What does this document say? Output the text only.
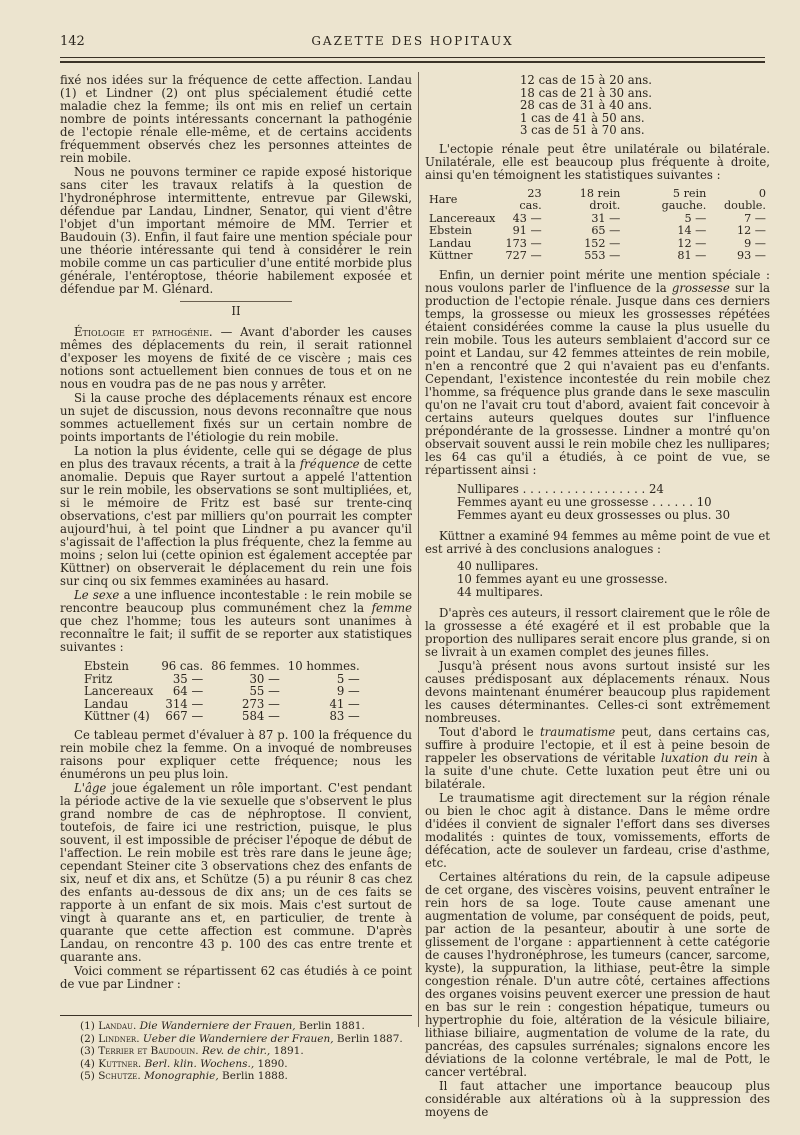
142	GAZETTE DES HOPITAUX

fixé nos idées sur la fréquence de cette affection. Landau (1) et Lindner (2) ont plus spécialement étudié cette maladie chez la femme; ils ont mis en relief un certain nombre de points intéressants concernant la pathogénie de l'ectopie rénale elle-même, et de certains accidents fréquemment observés chez les personnes atteintes de rein mobile.

Nous ne pouvons terminer ce rapide exposé historique sans citer les travaux relatifs à la question de l'hydronéphrose intermittente, entrevue par Gilewski, défendue par Landau, Lindner, Senator, qui vient d'être l'objet d'un important mémoire de MM. Terrier et Baudouin (3). Enfin, il faut faire une mention spéciale pour une théorie intéressante qui tend à considérer le rein mobile comme un cas particulier d'une entité morbide plus générale, l'entéroptose, théorie habilement exposée et défendue par M. Glénard.

II

Étiologie et pathogénie. — Avant d'aborder les causes mêmes des déplacements du rein, il serait rationnel d'exposer les moyens de fixité de ce viscère ; mais ces notions sont actuellement bien connues de tous et on ne nous en voudra pas de ne pas nous y arrêter.

Si la cause proche des déplacements rénaux est encore un sujet de discussion, nous devons reconnaître que nous sommes actuellement fixés sur un certain nombre de points importants de l'étiologie du rein mobile.

La notion la plus évidente, celle qui se dégage de plus en plus des travaux récents, a trait à la fréquence de cette anomalie. Depuis que Rayer surtout a appelé l'attention sur le rein mobile, les observations se sont multipliées, et, si le mémoire de Fritz est basé sur trente-cinq observations, c'est par milliers qu'on pourrait les compter aujourd'hui, à tel point que Lindner a pu avancer qu'il s'agissait de l'affection la plus fréquente, chez la femme au moins ; selon lui (cette opinion est également acceptée par Küttner) on observerait le déplacement du rein une fois sur cinq ou six femmes examinées au hasard.

Le sexe a une influence incontestable : le rein mobile se rencontre beaucoup plus communément chez la femme que chez l'homme; tous les auteurs sont unanimes à reconnaître le fait; il suffit de se reporter aux statistiques suivantes :

Ebstein	96 cas.	86 femmes.	10 hommes.
Fritz	35 —	30 —	5 —
Lancereaux	64 —	55 —	9 —
Landau	314 —	273 —	41 —
Küttner (4)	667 —	584 —	83 —

Ce tableau permet d'évaluer à 87 p. 100 la fréquence du rein mobile chez la femme. On a invoqué de nombreuses raisons pour expliquer cette fréquence; nous les énumérons un peu plus loin.

L'âge joue également un rôle important. C'est pendant la période active de la vie sexuelle que s'observent le plus grand nombre de cas de néphroptose. Il convient, toutefois, de faire ici une restriction, puisque, le plus souvent, il est impossible de préciser l'époque de début de l'affection. Le rein mobile est très rare dans le jeune âge; cependant Steiner cite 3 observations chez des enfants de six, neuf et dix ans, et Schütze (5) a pu réunir 8 cas chez des enfants au-dessous de dix ans; un de ces faits se rapporte à un enfant de six mois. Mais c'est surtout de vingt à quarante ans et, en particulier, de trente à quarante que cette affection est commune. D'après Landau, on rencontre 43 p. 100 des cas entre trente et quarante ans.

Voici comment se répartissent 62 cas étudiés à ce point de vue par Lindner :

(1) Landau. Die Wanderniere der Frauen, Berlin 1881.
(2) Lindner. Ueber die Wanderniere der Frauen, Berlin 1887.
(3) Terrier et Baudouin. Rev. de chir., 1891.
(4) Kuttner. Berl. klin. Wochens., 1890.
(5) Schutze. Monographie, Berlin 1888.
12 cas de 15 à 20 ans.
18 cas de 21 à 30 ans.
28 cas de 31 à 40 ans.
1 cas de 41 à 50 ans.
3 cas de 51 à 70 ans.

L'ectopie rénale peut être unilatérale ou bilatérale. Unilatérale, elle est beaucoup plus fréquente à droite, ainsi qu'en témoignent les statistiques suivantes :

Hare	23 cas.	18 rein droit.	5 rein gauche.	0 double.
Lancereaux	43 —	31 —	5 —	7 —
Ebstein	91 —	65 —	14 —	12 —
Landau	173 —	152 —	12 —	9 —
Küttner	727 —	553 —	81 —	93 —

Enfin, un dernier point mérite une mention spéciale : nous voulons parler de l'influence de la grossesse sur la production de l'ectopie rénale. Jusque dans ces derniers temps, la grossesse ou mieux les grossesses répétées étaient considérées comme la cause la plus usuelle du rein mobile. Tous les auteurs semblaient d'accord sur ce point et Landau, sur 42 femmes atteintes de rein mobile, n'en a rencontré que 2 qui n'avaient pas eu d'enfants. Cependant, l'existence incontestée du rein mobile chez l'homme, sa fréquence plus grande dans le sexe masculin qu'on ne l'avait cru tout d'abord, avaient fait concevoir à certains auteurs quelques doutes sur l'influence prépondérante de la grossesse. Lindner a montré qu'on observait souvent aussi le rein mobile chez les nullipares; les 64 cas qu'il a étudiés, à ce point de vue, se répartissent ainsi :

Nullipares . . . . . . . . . . . . . . . . . 24
Femmes ayant eu une grossesse . . . . . . 10
Femmes ayant eu deux grossesses ou plus. 30

Küttner a examiné 94 femmes au même point de vue et est arrivé à des conclusions analogues :

40 nullipares.
10 femmes ayant eu une grossesse.
44 multipares.

D'après ces auteurs, il ressort clairement que le rôle de la grossesse a été exagéré et il est probable que la proportion des nullipares serait encore plus grande, si on se livrait à un examen complet des jeunes filles.

Jusqu'à présent nous avons surtout insisté sur les causes prédisposant aux déplacements rénaux. Nous devons maintenant énumérer beaucoup plus rapidement les causes déterminantes. Celles-ci sont extrêmement nombreuses.

Tout d'abord le traumatisme peut, dans certains cas, suffire à produire l'ectopie, et il est à peine besoin de rappeler les observations de véritable luxation du rein à la suite d'une chute. Cette luxation peut être uni ou bilatérale.

Le traumatisme agit directement sur la région rénale ou bien le choc agit à distance. Dans le même ordre d'idées il convient de signaler l'effort dans ses diverses modalités : quintes de toux, vomissements, efforts de défécation, acte de soulever un fardeau, crise d'asthme, etc.

Certaines altérations du rein, de la capsule adipeuse de cet organe, des viscères voisins, peuvent entraîner le rein hors de sa loge. Toute cause amenant une augmentation de volume, par conséquent de poids, peut, par action de la pesanteur, aboutir à une sorte de glissement de l'organe : appartiennent à cette catégorie de causes l'hydronéphrose, les tumeurs (cancer, sarcome, kyste), la suppuration, la lithiase, peut-être la simple congestion rénale. D'un autre côté, certaines affections des organes voisins peuvent exercer une pression de haut en bas sur le rein : congestion hépatique, tumeurs ou hypertrophie du foie, altération de la vésicule biliaire, lithiase biliaire, augmentation de volume de la rate, du pancréas, des capsules surrénales; signalons encore les déviations de la colonne vertébrale, le mal de Pott, le cancer vertébral.

Il faut attacher une importance beaucoup plus considérable aux altérations où à la suppression des moyens de
